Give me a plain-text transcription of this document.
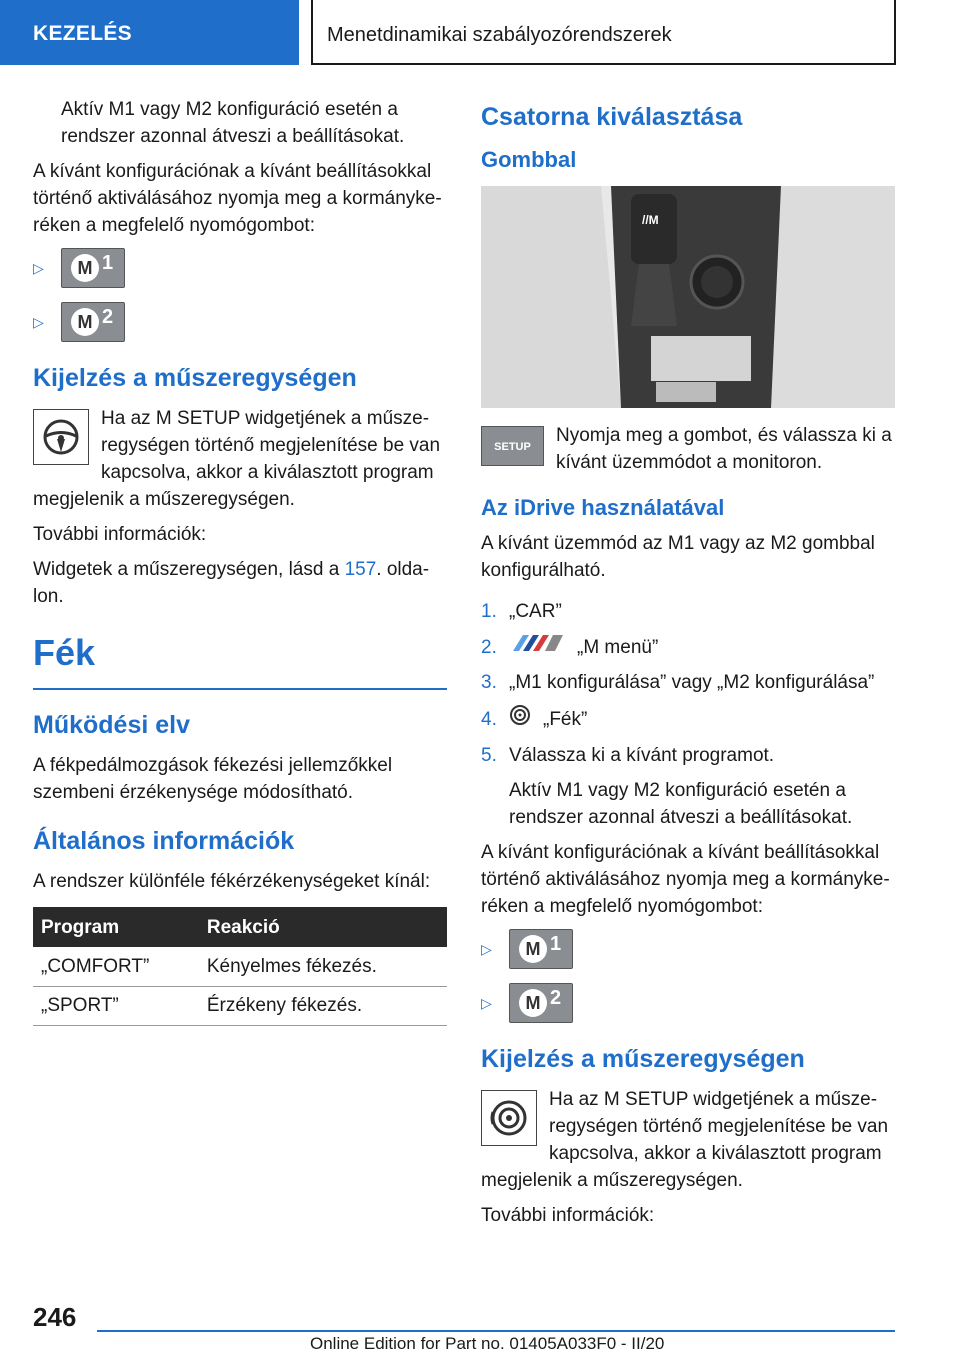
KEZELÉS	Menetdinamikai szabályozórendszerek

Aktív M1 vagy M2 konfiguráció esetén a rendszer azonnal átveszi a beállításokat.

A kívánt konfigurációnak a kívánt beállításokkal történő aktiválásához nyomja meg a kormánykeréken a megfelelő nyomógombot:

▷	M 1
▷	M 2
Kijelzés a műszeregységen
Ha az M SETUP widgetjének a műszeregységen történő megjelenítése be van kapcsolva, akkor a kiválasztott program megjelenik a műszeregységen.

További információk:

Widgetek a műszeregységen, lásd a 157. oldalon.

Fék
Működési elv

A fékpedálmozgások fékezési jellemzőkkel szembeni érzékenysége módosítható.

Általános információk

A rendszer különféle fékérzékenységeket kínál:

Program	Reakció
„COMFORT”	Kényelmes fékezés.
„SPORT”	Érzékeny fékezés.
Csatorna kiválasztása
Gombbal
//M
SETUP
Nyomja meg a gombot, és válassza ki a kívánt üzemmódot a monitoron.
Az iDrive használatával

A kívánt üzemmód az M1 vagy az M2 gombbal konfigurálható.

1. „CAR”
2.	„M menü”
3. „M1 konfigurálása” vagy „M2 konfigurálása”
4.	„Fék”
5. Válassza ki a kívánt programot.

Aktív M1 vagy M2 konfiguráció esetén a rendszer azonnal átveszi a beállításokat.

A kívánt konfigurációnak a kívánt beállításokkal történő aktiválásához nyomja meg a kormánykeréken a megfelelő nyomógombot:

▷	M 1
▷	M 2
Kijelzés a műszeregységen
Ha az M SETUP widgetjének a műszeregységen történő megjelenítése be van kapcsolva, akkor a kiválasztott program megjelenik a műszeregységen.

További információk:

246
Online Edition for Part no. 01405A033F0 - II/20
